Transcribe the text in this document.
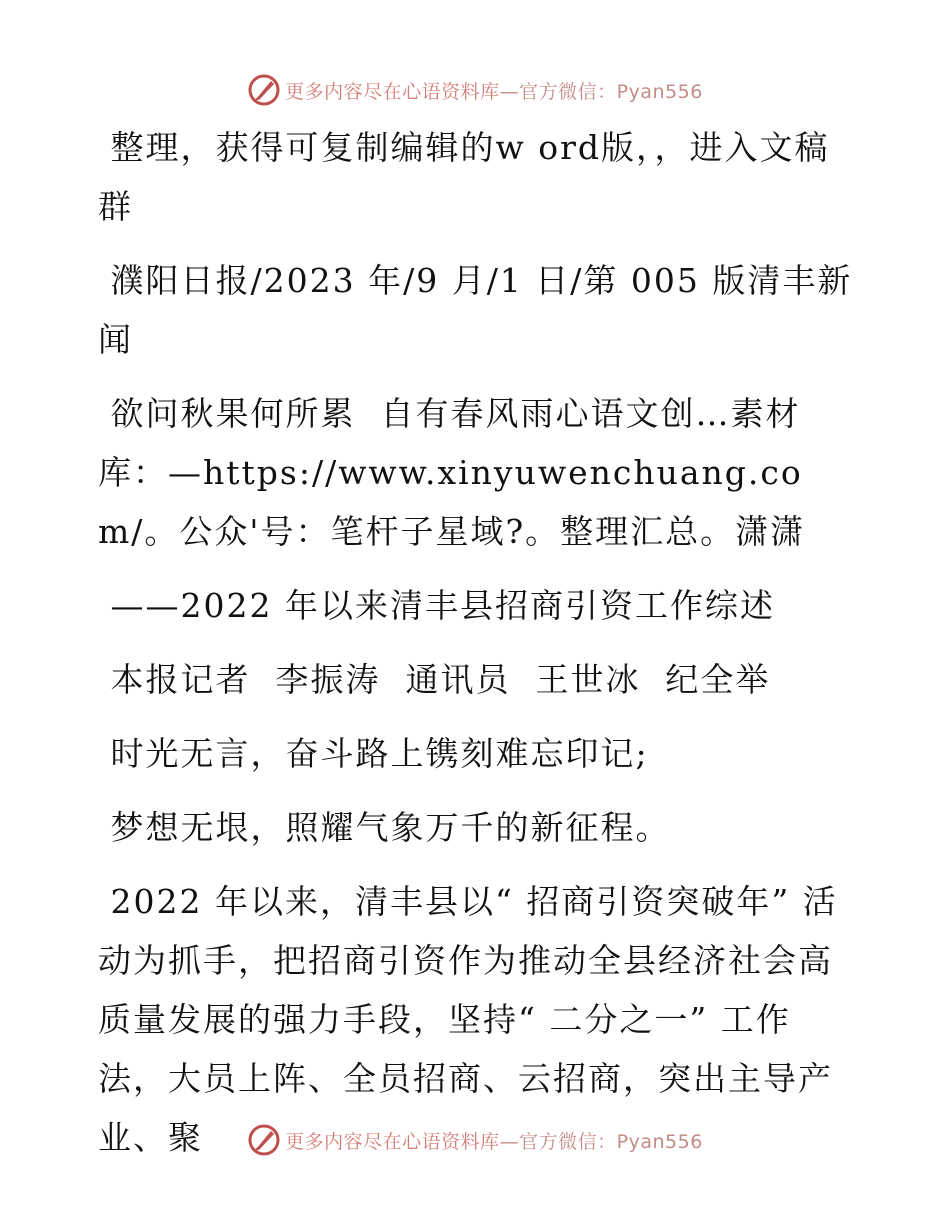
更多内容尽在心语资料库—官方微信：Pyan556

整理，获得可复制编辑的w ord版，，进入文稿群

濮阳日报/2023 年/9 月/1 日/第 005 版清丰新闻

欲问秋果何所累  自有春风雨心语文创…素材库：—https://www.xinyuwenchuang.com/。公众'号：笔杆子星域?。整理汇总。潇潇

——2022 年以来清丰县招商引资工作综述

本报记者  李振涛  通讯员  王世冰  纪全举

时光无言，奋斗路上镌刻难忘印记;

梦想无垠，照耀气象万千的新征程。

2022 年以来，清丰县以“ 招商引资突破年” 活动为抓手，把招商引资作为推动全县经济社会高质量发展的强力手段，坚持“ 二分之一” 工作法，大员上阵、全员招商、云招商，突出主导产业、聚	更多内容尽在心语资料库—官方微信：Pyan556
